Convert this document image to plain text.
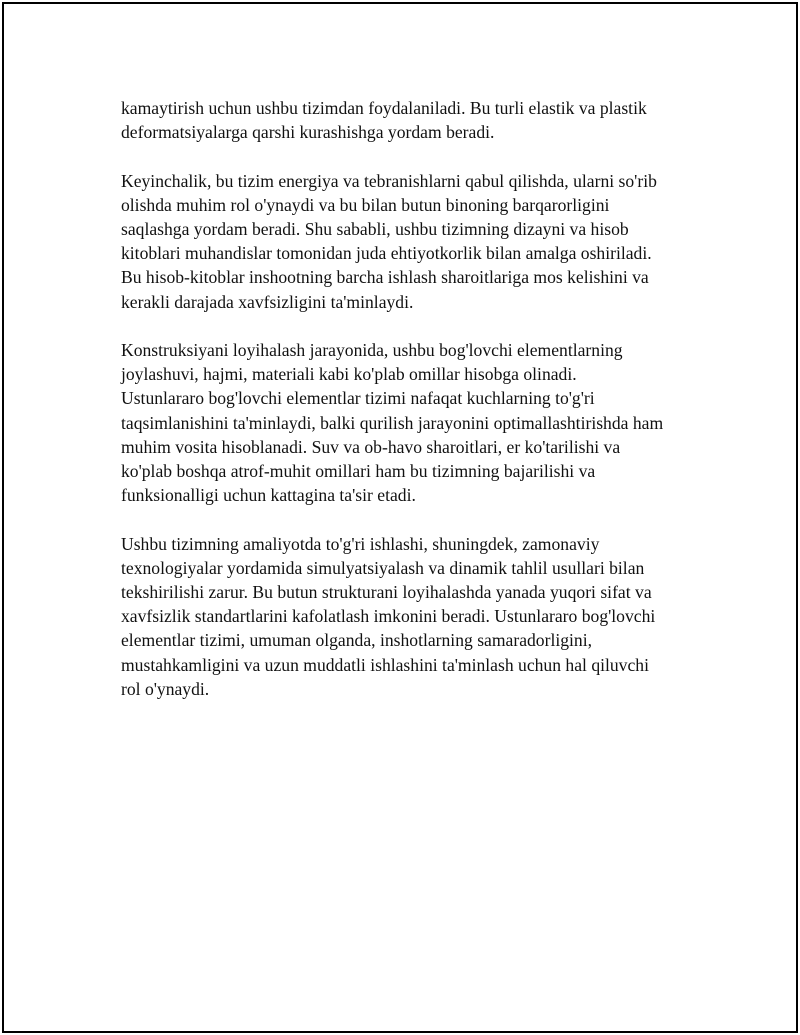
kamaytirish uchun ushbu tizimdan foydalaniladi. Bu turli elastik va plastik
deformatsiyalarga qarshi kurashishga yordam beradi.

Keyinchalik, bu tizim energiya va tebranishlarni qabul qilishda, ularni so'rib
olishda muhim rol o'ynaydi va bu bilan butun binoning barqarorligini
saqlashga yordam beradi. Shu sababli, ushbu tizimning dizayni va hisob
kitoblari muhandislar tomonidan juda ehtiyotkorlik bilan amalga oshiriladi.
Bu hisob-kitoblar inshootning barcha ishlash sharoitlariga mos kelishini va
kerakli darajada xavfsizligini ta'minlaydi.

Konstruksiyani loyihalash jarayonida, ushbu bog'lovchi elementlarning
joylashuvi, hajmi, materiali kabi ko'plab omillar hisobga olinadi.
Ustunlararo bog'lovchi elementlar tizimi nafaqat kuchlarning to'g'ri
taqsimlanishini ta'minlaydi, balki qurilish jarayonini optimallashtirishda ham
muhim vosita hisoblanadi. Suv va ob-havo sharoitlari, er ko'tarilishi va
ko'plab boshqa atrof-muhit omillari ham bu tizimning bajarilishi va
funksionalligi uchun kattagina ta'sir etadi.

Ushbu tizimning amaliyotda to'g'ri ishlashi, shuningdek, zamonaviy
texnologiyalar yordamida simulyatsiyalash va dinamik tahlil usullari bilan
tekshirilishi zarur. Bu butun strukturani loyihalashda yanada yuqori sifat va
xavfsizlik standartlarini kafolatlash imkonini beradi. Ustunlararo bog'lovchi
elementlar tizimi, umuman olganda, inshotlarning samaradorligini,
mustahkamligini va uzun muddatli ishlashini ta'minlash uchun hal qiluvchi
rol o'ynaydi.
